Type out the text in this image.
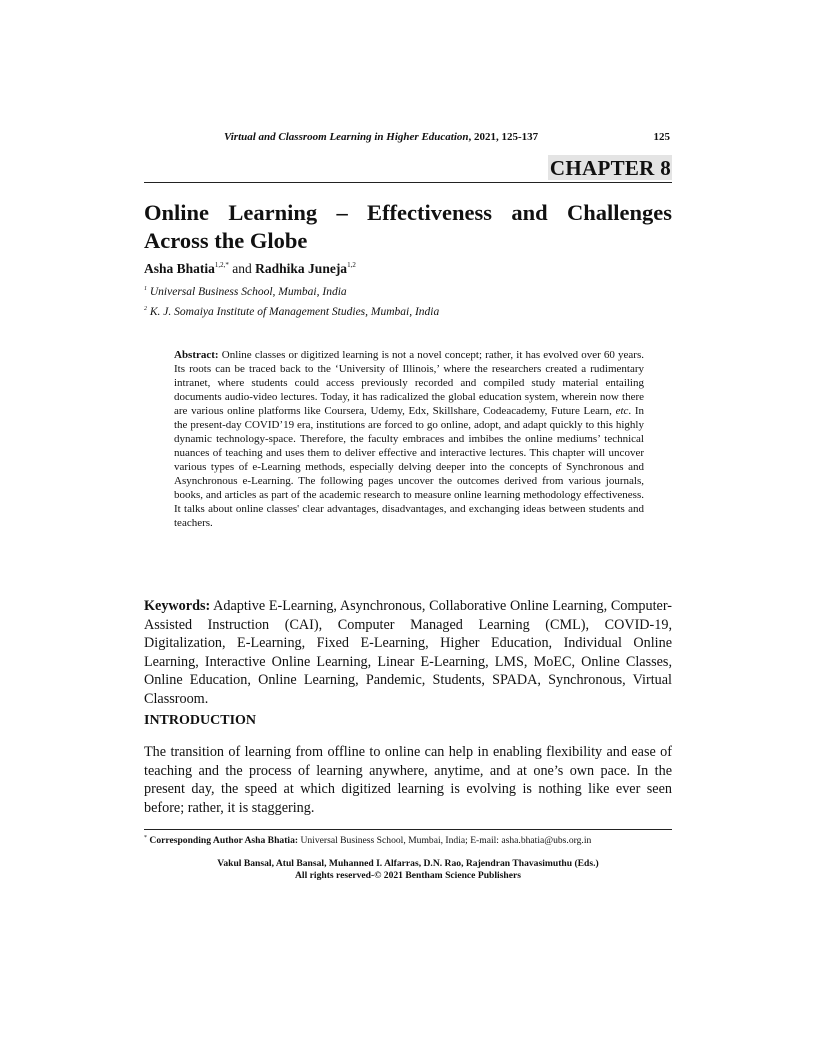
Virtual and Classroom Learning in Higher Education, 2021, 125-137	125
CHAPTER 8
Online Learning – Effectiveness and Challenges
Across the Globe
Asha Bhatia$^{1,2,*}$ and Radhika Juneja$^{1,2}$
$^1$ Universal Business School, Mumbai, India
$^2$ K. J. Somaiya Institute of Management Studies, Mumbai, India

Abstract: Online classes or digitized learning is not a novel concept; rather, it has evolved over 60 years. Its roots can be traced back to the ‘University of Illinois,’ where the researchers created a rudimentary intranet, where students could access previously recorded and compiled study material entailing documents audio-video lectures. Today, it has radicalized the global education system, wherein now there are various online platforms like Coursera, Udemy, Edx, Skillshare, Codeacademy, Future Learn, etc. In the present-day COVID’19 era, institutions are forced to go online, adopt, and adapt quickly to this highly dynamic technology-space. Therefore, the faculty embraces and imbibes the online mediums’ technical nuances of teaching and uses them to deliver effective and interactive lectures. This chapter will uncover various types of e-Learning methods, especially delving deeper into the concepts of Synchronous and Asynchronous e-Learning. The following pages uncover the outcomes derived from various journals, books, and articles as part of the academic research to measure online learning methodology effectiveness. It talks about online classes' clear advantages, disadvantages, and exchanging ideas between students and teachers.

Keywords: Adaptive E-Learning, Asynchronous, Collaborative Online Learning, Computer-Assisted Instruction (CAI), Computer Managed Learning (CML), COVID-19, Digitalization, E-Learning, Fixed E-Learning, Higher Education, Individual Online Learning, Interactive Online Learning, Linear E-Learning, LMS, MoEC, Online Classes, Online Education, Online Learning, Pandemic, Students, SPADA, Synchronous, Virtual Classroom.

INTRODUCTION

The transition of learning from offline to online can help in enabling flexibility and ease of teaching and the process of learning anywhere, anytime, and at one’s own pace. In the present day, the speed at which digitized learning is evolving is nothing like ever seen before; rather, it is staggering.

* Corresponding Author Asha Bhatia: Universal Business School, Mumbai, India; E-mail: asha.bhatia@ubs.org.in
Vakul Bansal, Atul Bansal, Muhanned I. Alfarras, D.N. Rao, Rajendran Thavasimuthu (Eds.)
All rights reserved-© 2021 Bentham Science Publishers
